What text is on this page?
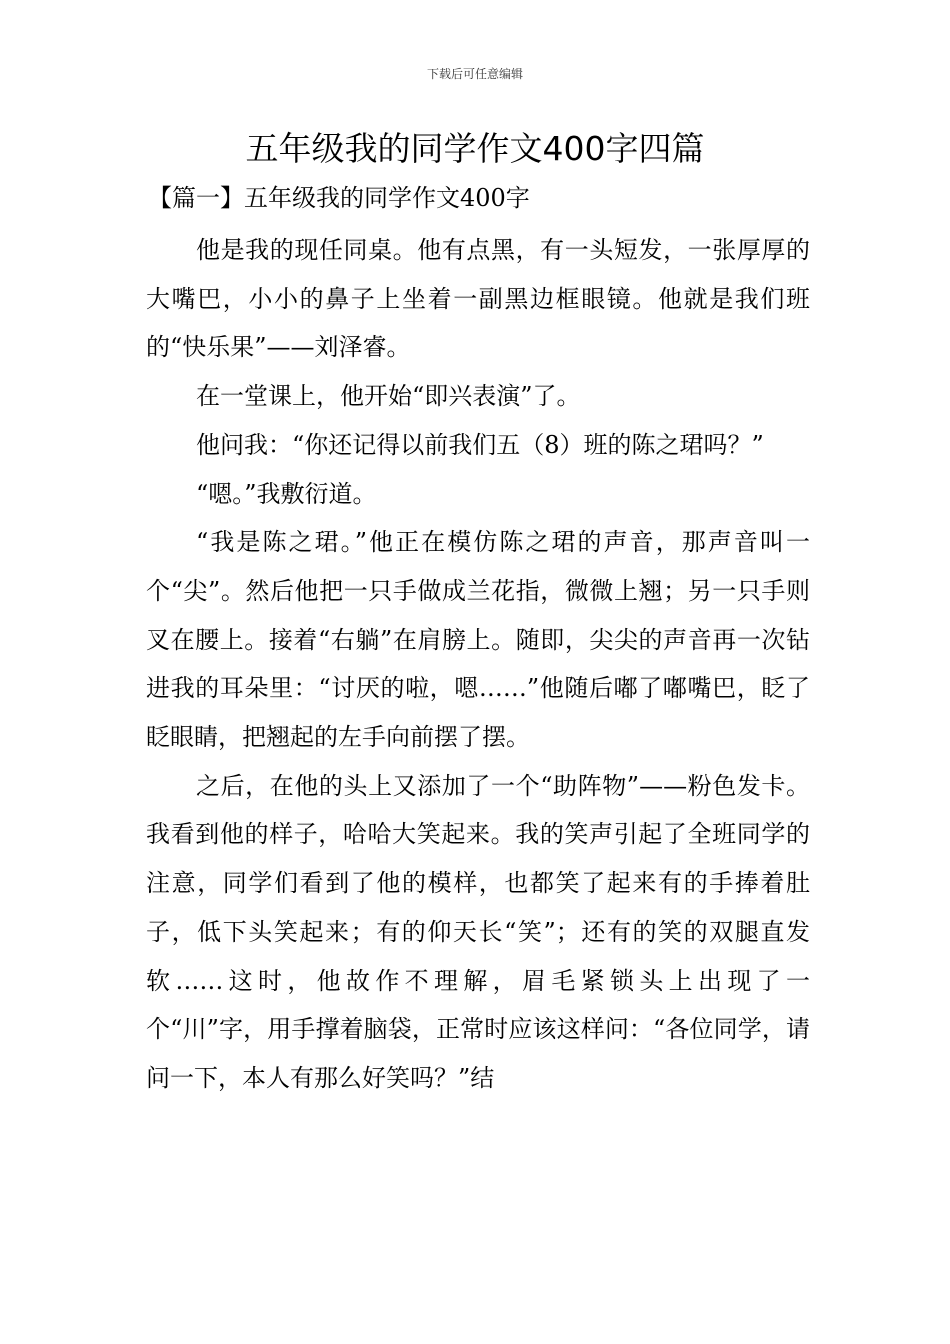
下载后可任意编辑
五年级我的同学作文400字四篇
【篇一】五年级我的同学作文400字

他是我的现任同桌。他有点黑，有一头短发，一张厚厚的大嘴巴，小小的鼻子上坐着一副黑边框眼镜。他就是我们班的“快乐果”——刘泽睿。

在一堂课上，他开始“即兴表演”了。

他问我：“你还记得以前我们五（8）班的陈之珺吗？”

“嗯。”我敷衍道。

“我是陈之珺。”他正在模仿陈之珺的声音，那声音叫一个“尖”。然后他把一只手做成兰花指，微微上翘；另一只手则叉在腰上。接着“右躺”在肩膀上。随即，尖尖的声音再一次钻进我的耳朵里：“讨厌的啦，嗯……”他随后嘟了嘟嘴巴，眨了眨眼睛，把翘起的左手向前摆了摆。

之后，在他的头上又添加了一个“助阵物”——粉色发卡。我看到他的样子，哈哈大笑起来。我的笑声引起了全班同学的注意，同学们看到了他的模样，也都笑了起来有的手捧着肚子，低下头笑起来；有的仰天长“笑”；还有的笑的双腿直发软……这时，他故作不理解，眉毛紧锁头上出现了一个“川”字，用手撑着脑袋，正常时应该这样问：“各位同学，请问一下，本人有那么好笑吗？”结
